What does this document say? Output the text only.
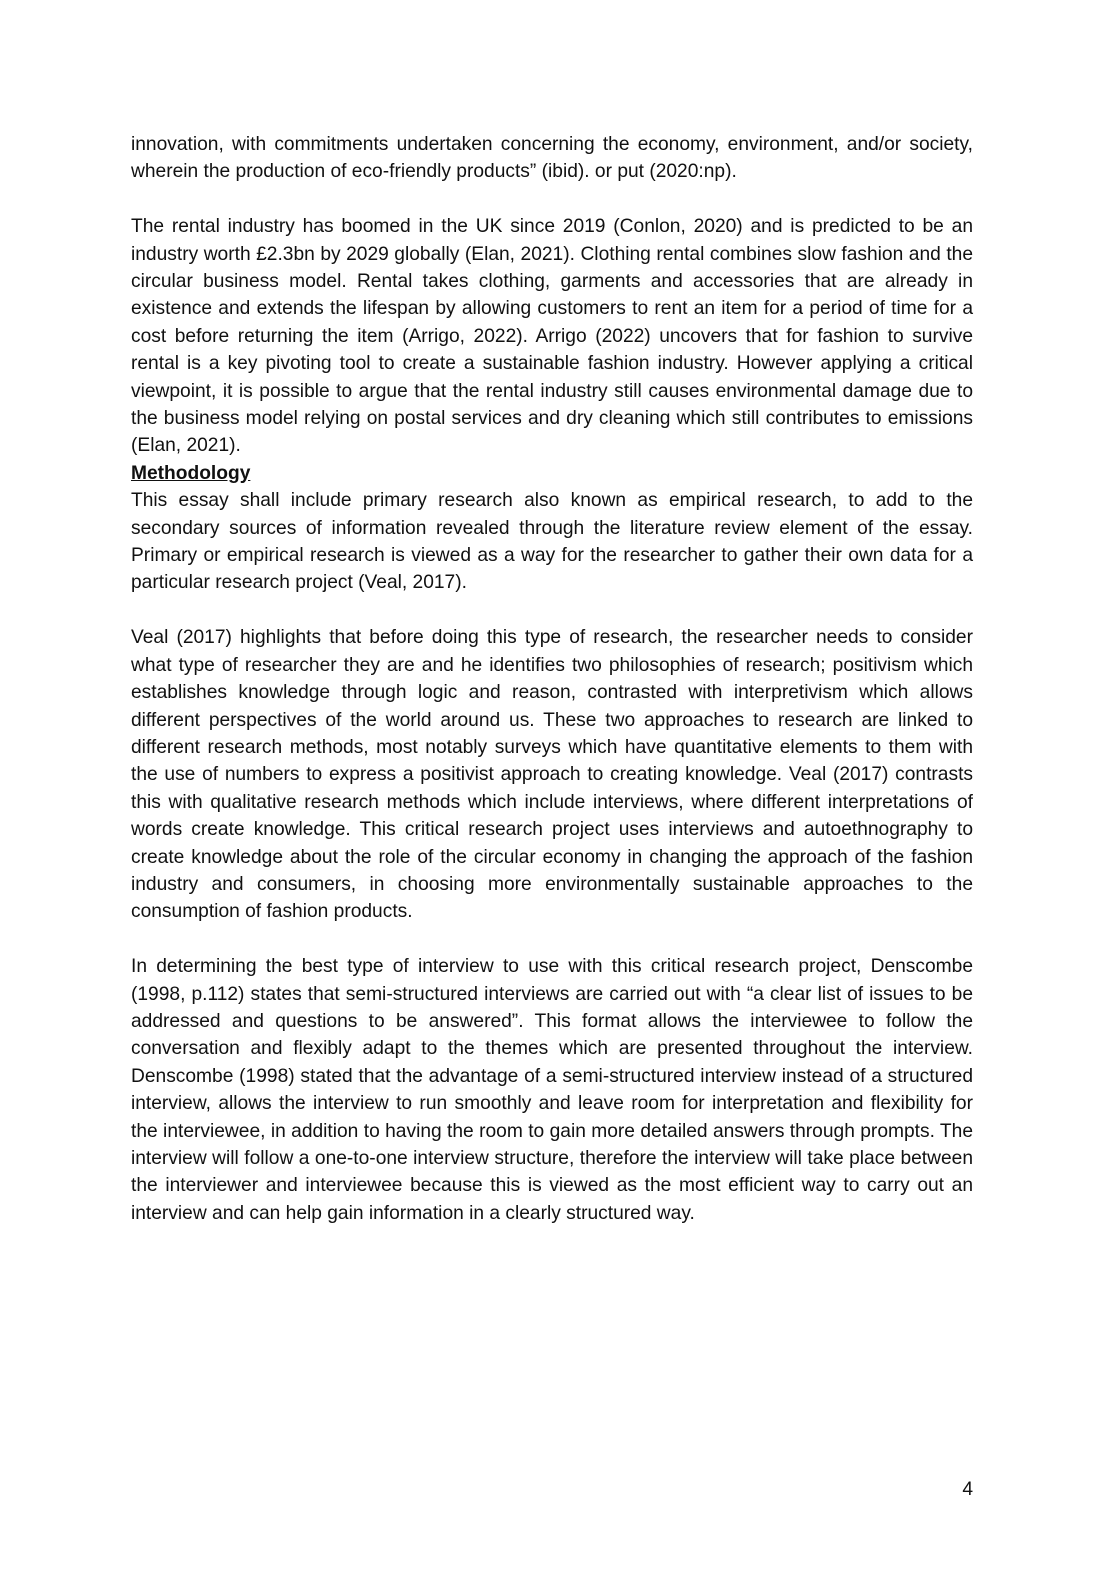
innovation, with commitments undertaken concerning the economy, environment, and/or society, wherein the production of eco-friendly products” (ibid). or put (2020:np).

The rental industry has boomed in the UK since 2019 (Conlon, 2020) and is predicted to be an industry worth £2.3bn by 2029 globally (Elan, 2021). Clothing rental combines slow fashion and the circular business model. Rental takes clothing, garments and accessories that are already in existence and extends the lifespan by allowing customers to rent an item for a period of time for a cost before returning the item (Arrigo, 2022). Arrigo (2022) uncovers that for fashion to survive rental is a key pivoting tool to create a sustainable fashion industry. However applying a critical viewpoint, it is possible to argue that the rental industry still causes environmental damage due to the business model relying on postal services and dry cleaning which still contributes to emissions (Elan, 2021).

Methodology

This essay shall include primary research also known as empirical research, to add to the secondary sources of information revealed through the literature review element of the essay. Primary or empirical research is viewed as a way for the researcher to gather their own data for a particular research project (Veal, 2017).

Veal (2017) highlights that before doing this type of research, the researcher needs to consider what type of researcher they are and he identifies two philosophies of research; positivism which establishes knowledge through logic and reason, contrasted with interpretivism which allows different perspectives of the world around us. These two approaches to research are linked to different research methods, most notably surveys which have quantitative elements to them with the use of numbers to express a positivist approach to creating knowledge. Veal (2017) contrasts this with qualitative research methods which include interviews, where different interpretations of words create knowledge. This critical research project uses interviews and autoethnography to create knowledge about the role of the circular economy in changing the approach of the fashion industry and consumers, in choosing more environmentally sustainable approaches to the consumption of fashion products.

In determining the best type of interview to use with this critical research project, Denscombe (1998, p.112) states that semi-structured interviews are carried out with “a clear list of issues to be addressed and questions to be answered”. This format allows the interviewee to follow the conversation and flexibly adapt to the themes which are presented throughout the interview. Denscombe (1998) stated that the advantage of a semi-structured interview instead of a structured interview, allows the interview to run smoothly and leave room for interpretation and flexibility for the interviewee, in addition to having the room to gain more detailed answers through prompts. The interview will follow a one-to-one interview structure, therefore the interview will take place between the interviewer and interviewee because this is viewed as the most efficient way to carry out an interview and can help gain information in a clearly structured way.

4
